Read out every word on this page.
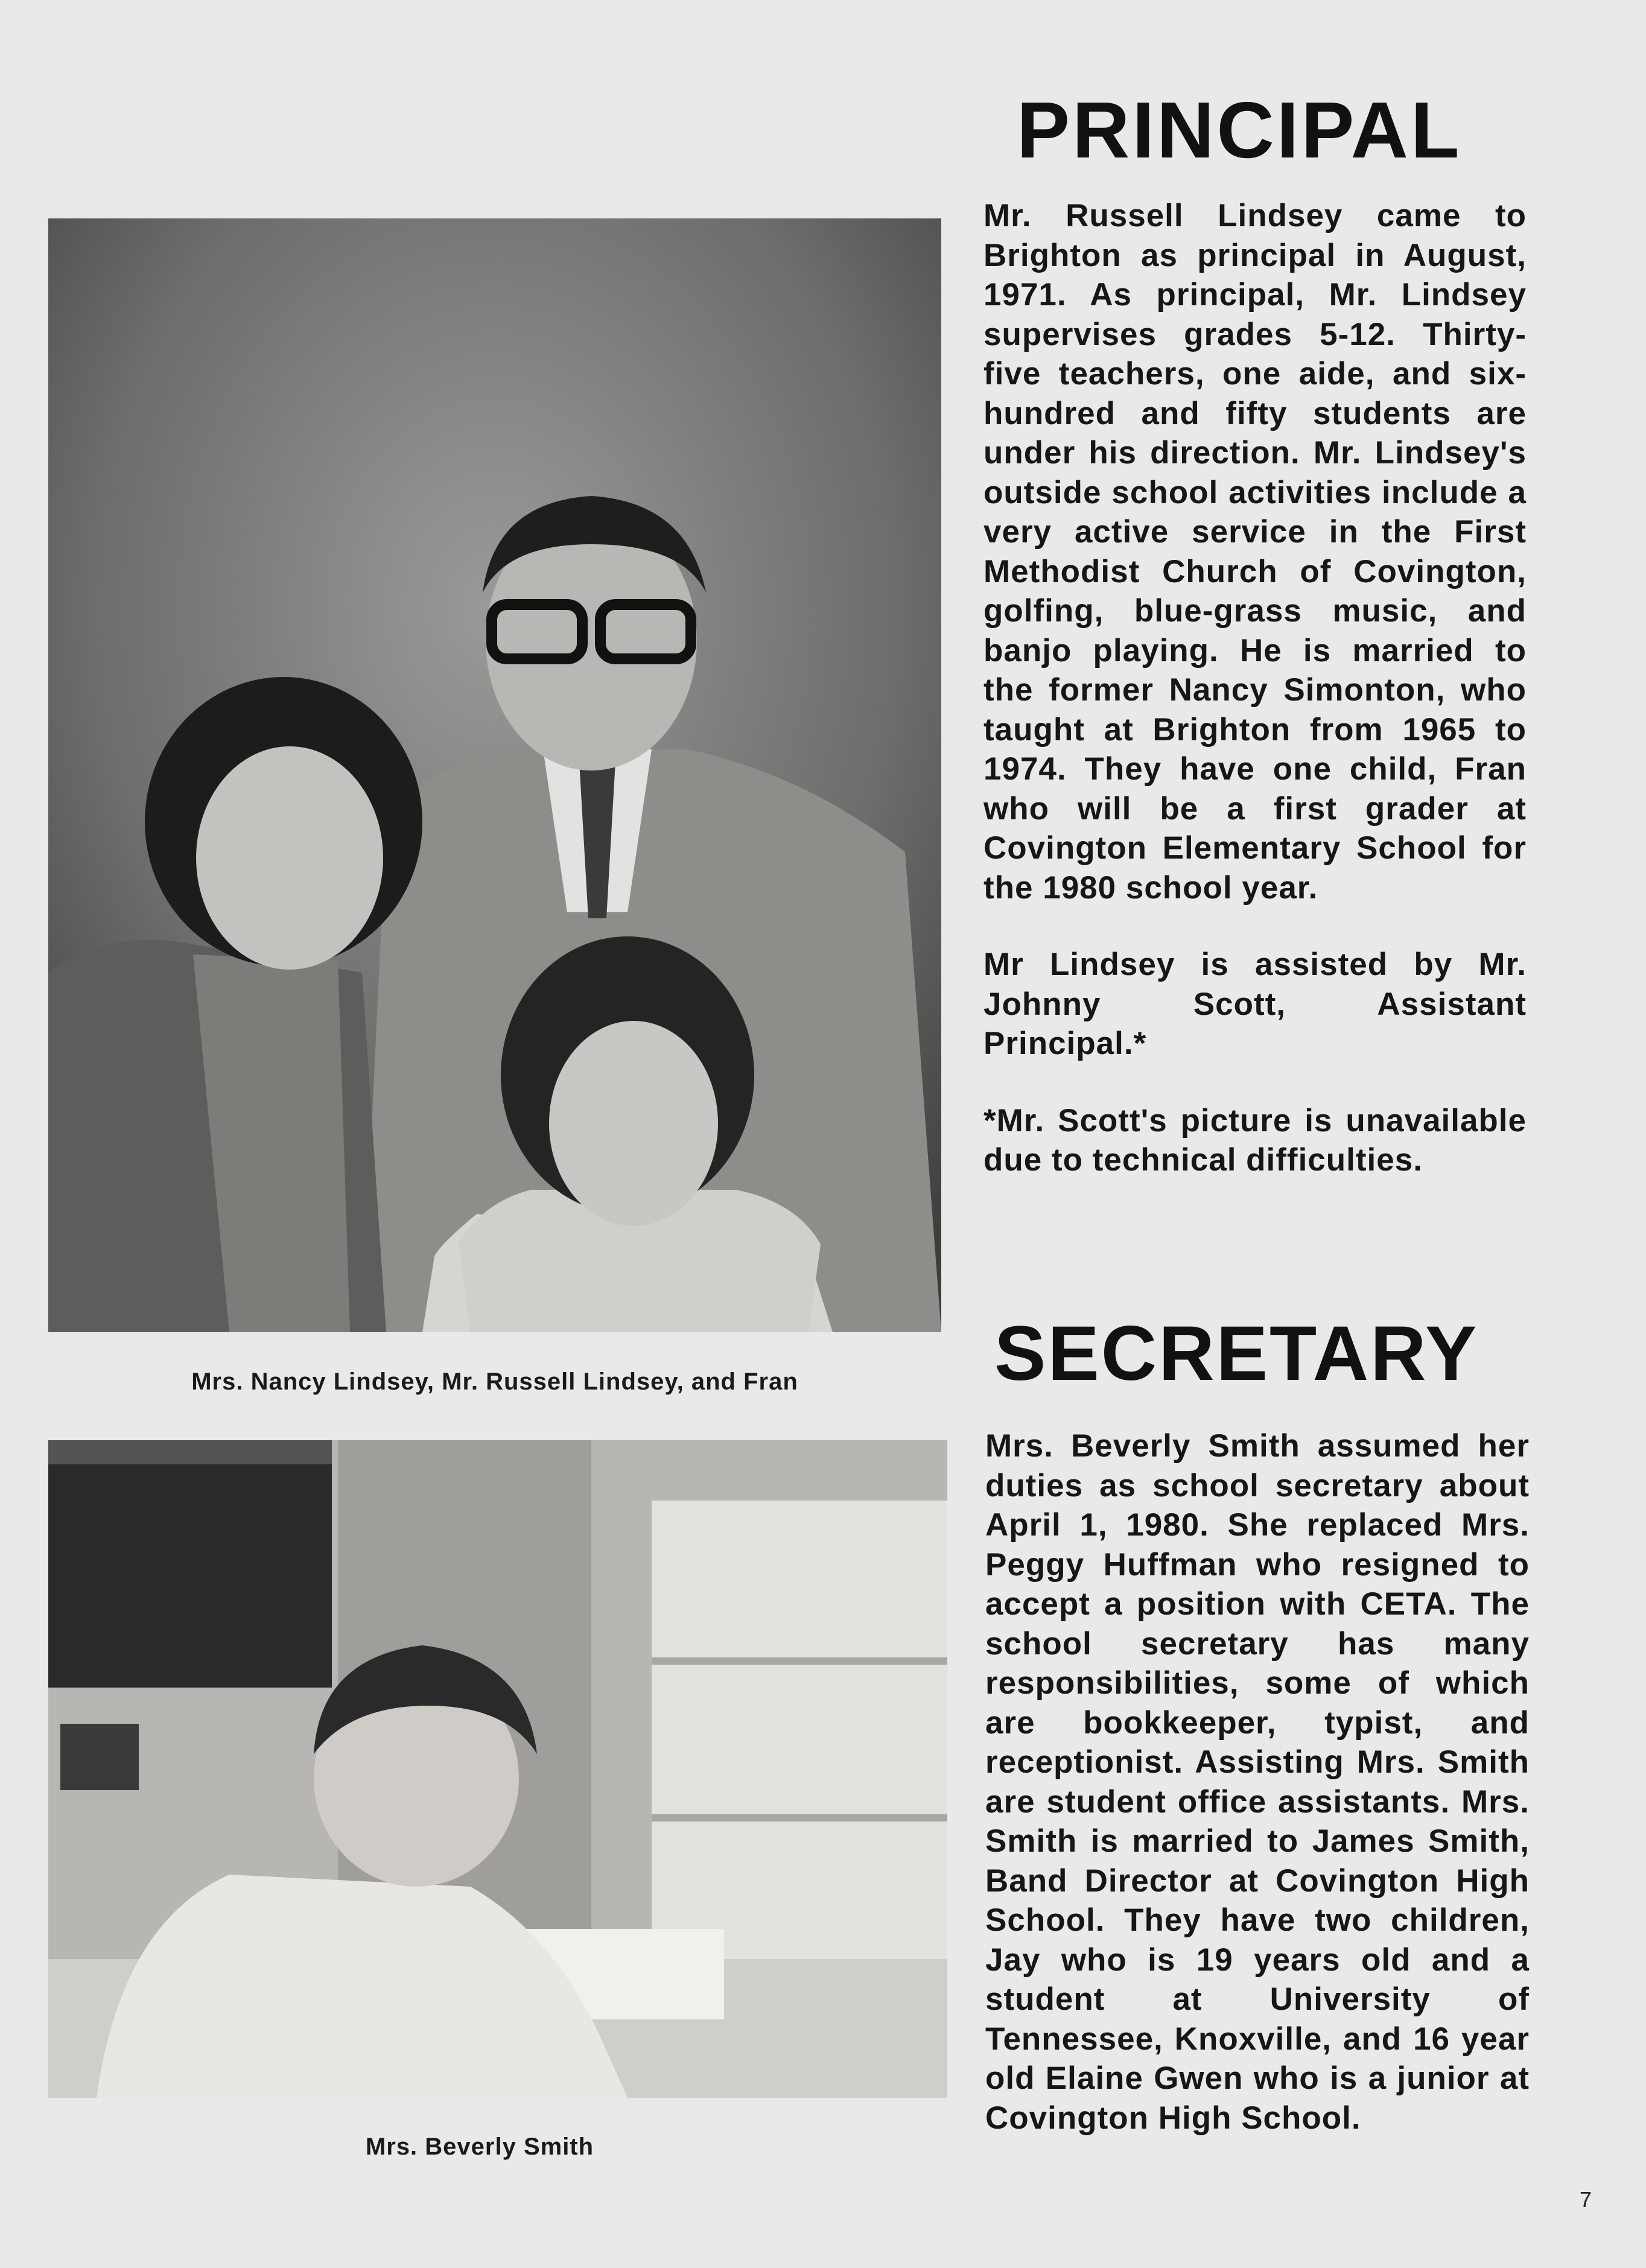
Mrs. Nancy Lindsey, Mr. Russell Lindsey, and Fran
Mrs. Beverly Smith
PRINCIPAL

Mr. Russell Lindsey came to Brighton as principal in August, 1971. As principal, Mr. Lindsey supervises grades 5-12. Thirty-five teachers, one aide, and six-hundred and fifty students are under his direction. Mr. Lindsey's outside school activities include a very active service in the First Methodist Church of Covington, golfing, blue-grass music, and banjo playing. He is married to the former Nancy Simonton, who taught at Brighton from 1965 to 1974. They have one child, Fran who will be a first grader at Covington Elementary School for the 1980 school year.

Mr Lindsey is assisted by Mr. Johnny Scott, Assistant Principal.*

*Mr. Scott's picture is unavailable due to technical difficulties.

SECRETARY

Mrs. Beverly Smith assumed her duties as school secretary about April 1, 1980. She replaced Mrs. Peggy Huffman who resigned to accept a position with CETA. The school secretary has many responsibilities, some of which are bookkeeper, typist, and receptionist. Assisting Mrs. Smith are student office assistants. Mrs. Smith is married to James Smith, Band Director at Covington High School. They have two children, Jay who is 19 years old and a student at University of Tennessee, Knoxville, and 16 year old Elaine Gwen who is a junior at Covington High School.

7
